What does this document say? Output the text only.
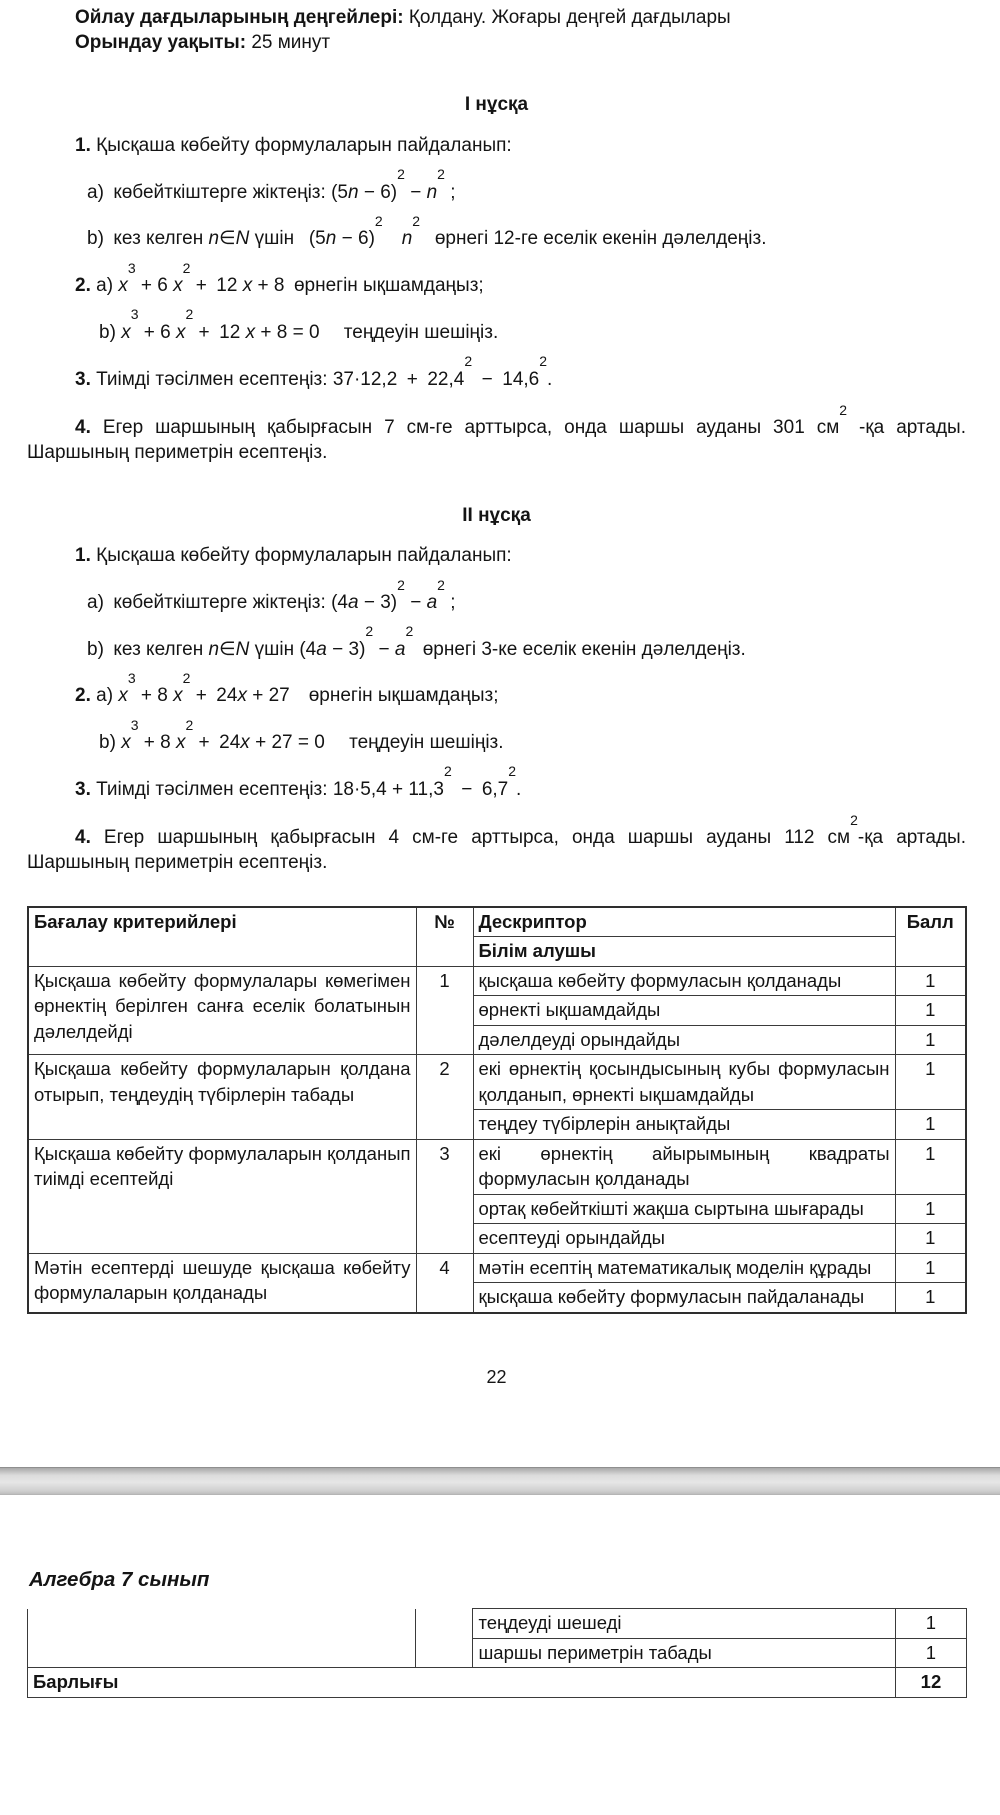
Ойлау дағдыларының деңгейлері: Қолдану. Жоғары деңгей дағдылары

Орындау уақыты: 25 минут

I нұсқа

1. Қысқаша көбейту формулаларын пайдаланып:

a) көбейткіштерге жіктеңіз: $(5n - 6)^2 - n^2$ ;

b) кез келген n∈N үшін  $(5n - 6)^2$  $n^2$  өрнегі 12-ге еселік екенін дәлелдеңіз.

2. a) $x^3 + 6$ $x^2$ + 12 x + 8 өрнегін ықшамдаңыз;

b) $x^3 + 6$ $x^2$ + 12 x + 8 = 0   теңдеуін шешіңіз.

3. Тиімді тәсілмен есептеңіз: 37·12,2 + $22,4^2$ − $14,6^2$.

4. Егер шаршының қабырғасын 7 см-ге арттырса, онда шаршы ауданы 301 $см^2$ -қа артады. Шаршының периметрін есептеңіз.

II нұсқа

1. Қысқаша көбейту формулаларын пайдаланып:

a) көбейткіштерге жіктеңіз: $(4a - 3)^2 - a^2$ ;

b) кез келген n∈N үшін $(4a - 3)^2 - a^2$ өрнегі 3-ке еселік екенін дәлелдеңіз.

2. a) $x^3 + 8$ $x^2$ + 24x + 27  өрнегін ықшамдаңыз;

b) $x^3 + 8$ $x^2$ + 24x + 27 = 0   теңдеуін шешіңіз.

3. Тиімді тәсілмен есептеңіз: $18\cdot 5,4 + 11,3^2$ − $6,7^2$.

4. Егер шаршының қабырғасын 4 см-ге арттырса, онда шаршы ауданы 112 $см^2-қа$ артады. Шаршының периметрін есептеңіз.

Бағалау критерийлері	№	Дескриптор	Балл
		Білім алушы	
Қысқаша көбейту формулалары көмегімен өрнектің берілген санға еселік болатынын дәлелдейді	1	қысқаша көбейту формуласын қолданады	1
		өрнекті ықшамдайды	1
		дәлелдеуді орындайды	1
Қысқаша көбейту формулаларын қолдана отырып, теңдеудің түбірлерін табады	2	екі өрнектің қосындысының кубы формуласын қолданып, өрнекті ықшамдайды	1
		теңдеу түбірлерін анықтайды	1
Қысқаша көбейту формулаларын қолданып тиімді есептейді	3	екі өрнектің айырымының квадраты формуласын қолданады	1
		ортақ көбейткішті жақша сыртына шығарады	1
		есептеуді орындайды	1
Мәтін есептерді шешуде қысқаша көбейту формулаларын қолданады	4	мәтін есептің математикалық моделін құрады	1
		қысқаша көбейту формуласын пайдаланады	1
22
Алгебра 7 сынып
		теңдеуді шешеді	1
		шаршы периметрін табады	1
Барлығы			12
